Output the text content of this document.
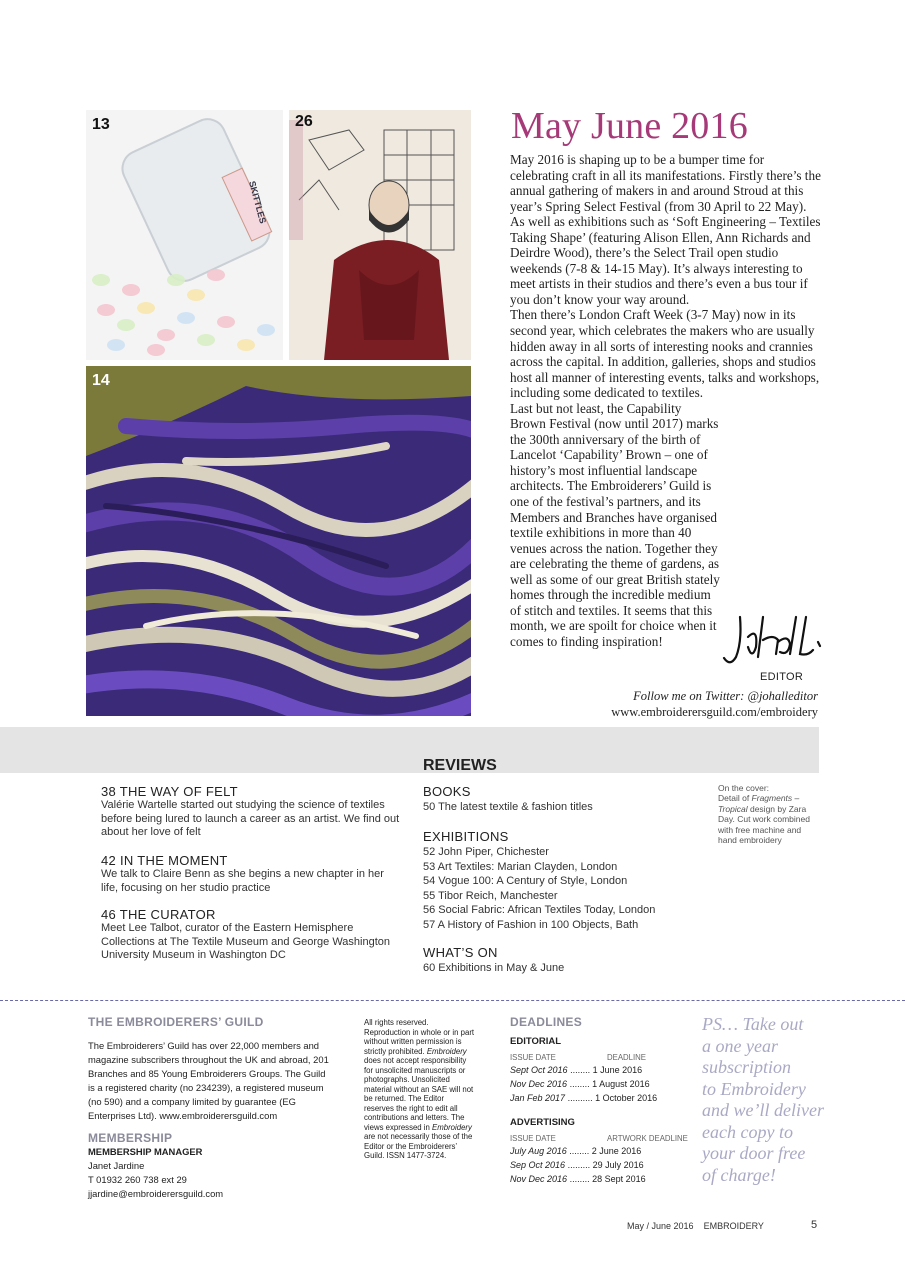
SKITTLES
13	26
14
May June 2016

May 2016 is shaping up to be a bumper time for celebrating craft in all its manifestations. Firstly there’s the annual gathering of makers in and around Stroud at this year’s Spring Select Festival (from 30 April to 22 May). As well as exhibitions such as ‘Soft Engineering – Textiles Taking Shape’ (featuring Alison Ellen, Ann Richards and Deirdre Wood), there’s the Select Trail open studio weekends (7-8 & 14-15 May). It’s always interesting to meet artists in their studios and there’s even a bus tour if you don’t know your way around.

Then there’s London Craft Week (3-7 May) now in its second year, which celebrates the makers who are usually hidden away in all sorts of interesting nooks and crannies across the capital. In addition, galleries, shops and studios host all manner of interesting events, talks and workshops, including some dedicated to textiles.

Last but not least, the Capability Brown Festival (now until 2017) marks the 300th anniversary of the birth of Lancelot ‘Capability’ Brown – one of history’s most influential landscape architects. The Embroiderers’ Guild is one of the festival’s partners, and its Members and Branches have organised textile exhibitions in more than 40 venues across the nation. Together they are celebrating the theme of gardens, as well as some of our great British stately homes through the incredible medium of stitch and textiles. It seems that this month, we are spoilt for choice when it comes to finding inspiration!

EDITOR
Follow me on Twitter: @johalleditor
www.embroiderersguild.com/embroidery
REVIEWS
38 THE WAY OF FELT
Valérie Wartelle started out studying the science of textiles before being lured to launch a career as an artist. We find out about her love of felt
42 IN THE MOMENT
We talk to Claire Benn as she begins a new chapter in her life, focusing on her studio practice
46 THE CURATOR
Meet Lee Talbot, curator of the Eastern Hemisphere Collections at The Textile Museum and George Washington University Museum in Washington DC
BOOKS
50 The latest textile & fashion titles
EXHIBITIONS
52 John Piper, Chichester
53 Art Textiles: Marian Clayden, London
54 Vogue 100: A Century of Style, London
55 Tibor Reich, Manchester
56 Social Fabric: African Textiles Today, London
57 A History of Fashion in 100 Objects, Bath
WHAT’S ON
60 Exhibitions in May & June
On the cover:
Detail of Fragments – Tropical design by Zara Day. Cut work combined with free machine and hand embroidery
THE EMBROIDERERS’ GUILD
The Embroiderers’ Guild has over 22,000 members and magazine subscribers throughout the UK and abroad, 201 Branches and 85 Young Embroiderers Groups. The Guild is a registered charity (no 234239), a registered museum (no 590) and a company limited by guarantee (EG Enterprises Ltd). www.embroiderersguild.com
MEMBERSHIP
MEMBERSHIP MANAGER
Janet Jardine
T 01932 260 738 ext 29
jjardine@embroiderersguild.com
All rights reserved. Reproduction in whole or in part without written permission is strictly prohibited. Embroidery does not accept responsibility for unsolicited manuscripts or photographs. Unsolicited material without an SAE will not be returned. The Editor reserves the right to edit all contributions and letters. The views expressed in Embroidery are not necessarily those of the Editor or the Embroiderers’ Guild. ISSN 1477-3724.
DEADLINES
EDITORIAL
ISSUE DATE	DEADLINE
Sept Oct 2016 ........ 1 June 2016
Nov Dec 2016 ........ 1 August 2016
Jan Feb 2017 .......... 1 October 2016
ADVERTISING
ISSUE DATE	ARTWORK DEADLINE
July Aug 2016 ........ 2 June 2016
Sep Oct 2016 ......... 29 July 2016
Nov Dec 2016 ........ 28 Sept 2016
PS… Take out
a one year
subscription
to Embroidery
and we’ll deliver
each copy to
your door free
of charge!
May / June 2016 EMBROIDERY	5
